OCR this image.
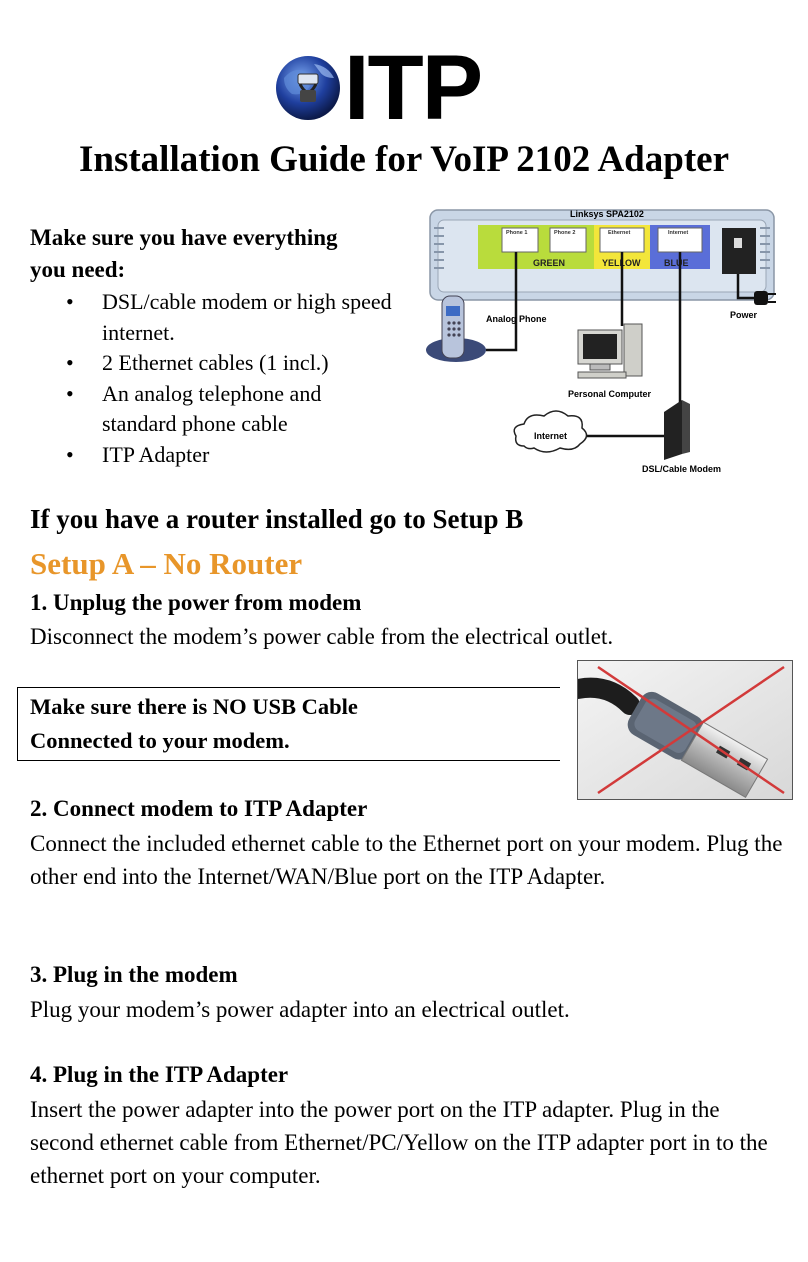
ITP
Installation Guide for VoIP 2102 Adapter
Make sure you have everything
you need:
• DSL/cable modem or high speed internet.
• 2 Ethernet cables (1 incl.)
• An analog telephone and standard phone cable
• ITP Adapter
Linksys SPA2102
Phone 1	Phone 2	Ethernet	Internet
GREEN	YELLOW	BLUE
Power
Analog Phone
Personal Computer
Internet
DSL/Cable Modem
If you have a router installed go to Setup B
Setup A – No Router
1. Unplug the power from modem
Disconnect the modem’s power cable from the electrical outlet.
Make sure there is NO USB Cable
Connected to your modem.
2. Connect modem to ITP Adapter
Connect the included ethernet cable to the Ethernet port on your modem. Plug the other end into the Internet/WAN/Blue port on the ITP Adapter.
3. Plug in the modem
Plug your modem’s power adapter into an electrical outlet.
4. Plug in the ITP Adapter
Insert the power adapter into the power port on the ITP adapter. Plug in the second ethernet cable from Ethernet/PC/Yellow on the ITP adapter port in to the ethernet port on your computer.
